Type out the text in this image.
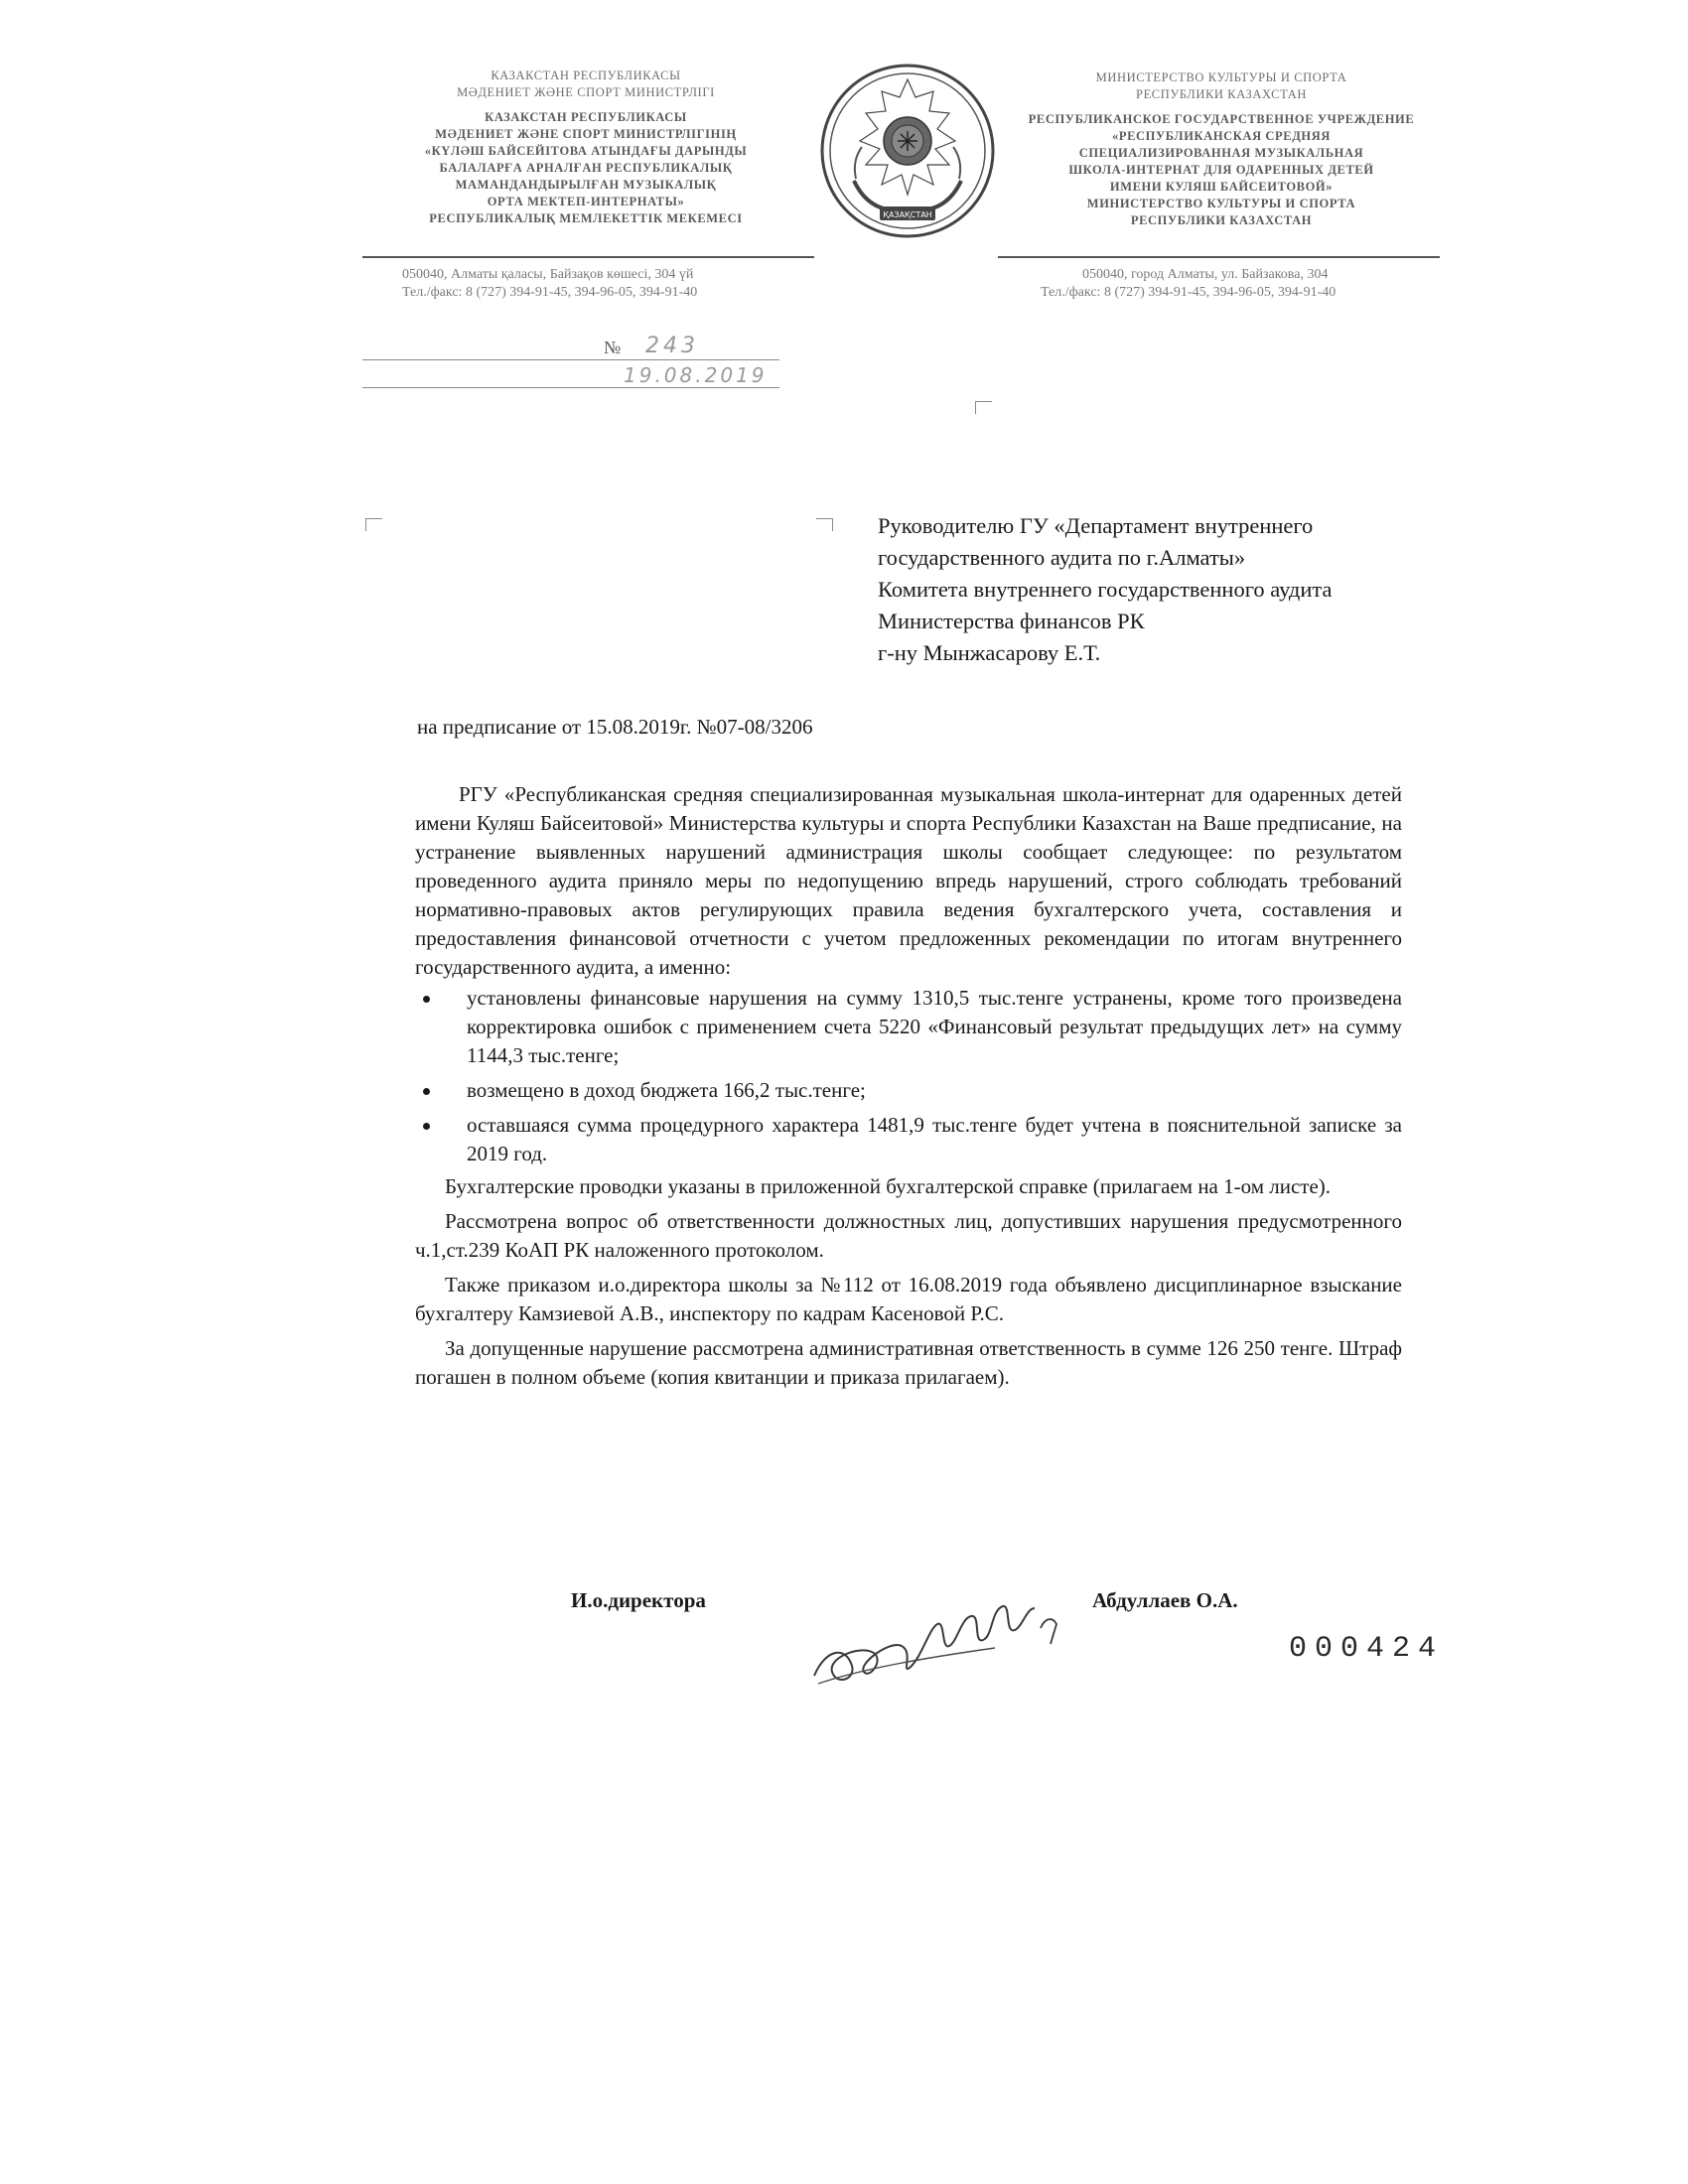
КАЗАКСТАН РЕСПУБЛИКАСЫ
МӘДЕНИЕТ ЖӘНЕ СПОРТ МИНИСТРЛІГІ
КАЗАКСТАН РЕСПУБЛИКАСЫ
МӘДЕНИЕТ ЖӘНЕ СПОРТ МИНИСТРЛІГІНІҢ
«КҮЛӘШ БАЙСЕЙІТОВА АТЫНДАҒЫ ДАРЫНДЫ
БАЛАЛАРҒА АРНАЛҒАН РЕСПУБЛИКАЛЫҚ
МАМАНДАНДЫРЫЛҒАН МУЗЫКАЛЫҚ
ОРТА МЕКТЕП-ИНТЕРНАТЫ»
РЕСПУБЛИКАЛЫҚ МЕМЛЕКЕТТІК МЕКЕМЕСІ	ҚАЗАҚСТАН
МИНИСТЕРСТВО КУЛЬТУРЫ И СПОРТА
РЕСПУБЛИКИ КАЗАХСТАН
РЕСПУБЛИКАНСКОЕ ГОСУДАРСТВЕННОЕ УЧРЕЖДЕНИЕ
«РЕСПУБЛИКАНСКАЯ СРЕДНЯЯ
СПЕЦИАЛИЗИРОВАННАЯ МУЗЫКАЛЬНАЯ
ШКОЛА-ИНТЕРНАТ ДЛЯ ОДАРЕННЫХ ДЕТЕЙ
ИМЕНИ КУЛЯШ БАЙСЕИТОВОЙ»
МИНИСТЕРСТВО КУЛЬТУРЫ И СПОРТА
РЕСПУБЛИКИ КАЗАХСТАН
050040, Алматы қаласы, Байзақов көшесі, 304 үй
Тел./факс: 8 (727) 394-91-45, 394-96-05, 394-91-40
050040, город Алматы, ул. Байзакова, 304
Тел./факс: 8 (727) 394-91-45, 394-96-05, 394-91-40
№ 243
19.08.2019
Руководителю ГУ «Департамент внутреннего
государственного аудита по г.Алматы»
Комитета внутреннего государственного аудита
Министерства финансов РК
г-ну Мынжасарову Е.Т.
на предписание от 15.08.2019г. №07-08/3206

РГУ «Республиканская средняя специализированная музыкальная школа-интернат для одаренных детей имени Куляш Байсеитовой» Министерства культуры и спорта Республики Казахстан на Ваше предписание, на устранение выявленных нарушений администрация школы сообщает следующее: по результатом проведенного аудита приняло меры по недопущению впредь нарушений, строго соблюдать требований нормативно-правовых актов регулирующих правила ведения бухгалтерского учета, составления и предоставления финансовой отчетности с учетом предложенных рекомендации по итогам внутреннего государственного аудита, а именно:

установлены финансовые нарушения на сумму 1310,5 тыс.тенге устранены, кроме того произведена корректировка ошибок с применением счета 5220 «Финансовый результат предыдущих лет» на сумму 1144,3 тыс.тенге;
возмещено в доход бюджета 166,2 тыс.тенге;
оставшаяся сумма процедурного характера 1481,9 тыс.тенге будет учтена в пояснительной записке за 2019 год.

Бухгалтерские проводки указаны в приложенной бухгалтерской справке (прилагаем на 1-ом листе).

Рассмотрена вопрос об ответственности должностных лиц, допустивших нарушения предусмотренного ч.1,ст.239 КоАП РК наложенного протоколом.

Также приказом и.о.директора школы за №112 от 16.08.2019 года объявлено дисциплинарное взыскание бухгалтеру Камзиевой А.В., инспектору по кадрам Касеновой Р.С.

За допущенные нарушение рассмотрена административная ответственность в сумме 126 250 тенге. Штраф погашен в полном объеме (копия квитанции и приказа прилагаем).

И.о.директора	Абдуллаев О.А.
000424
